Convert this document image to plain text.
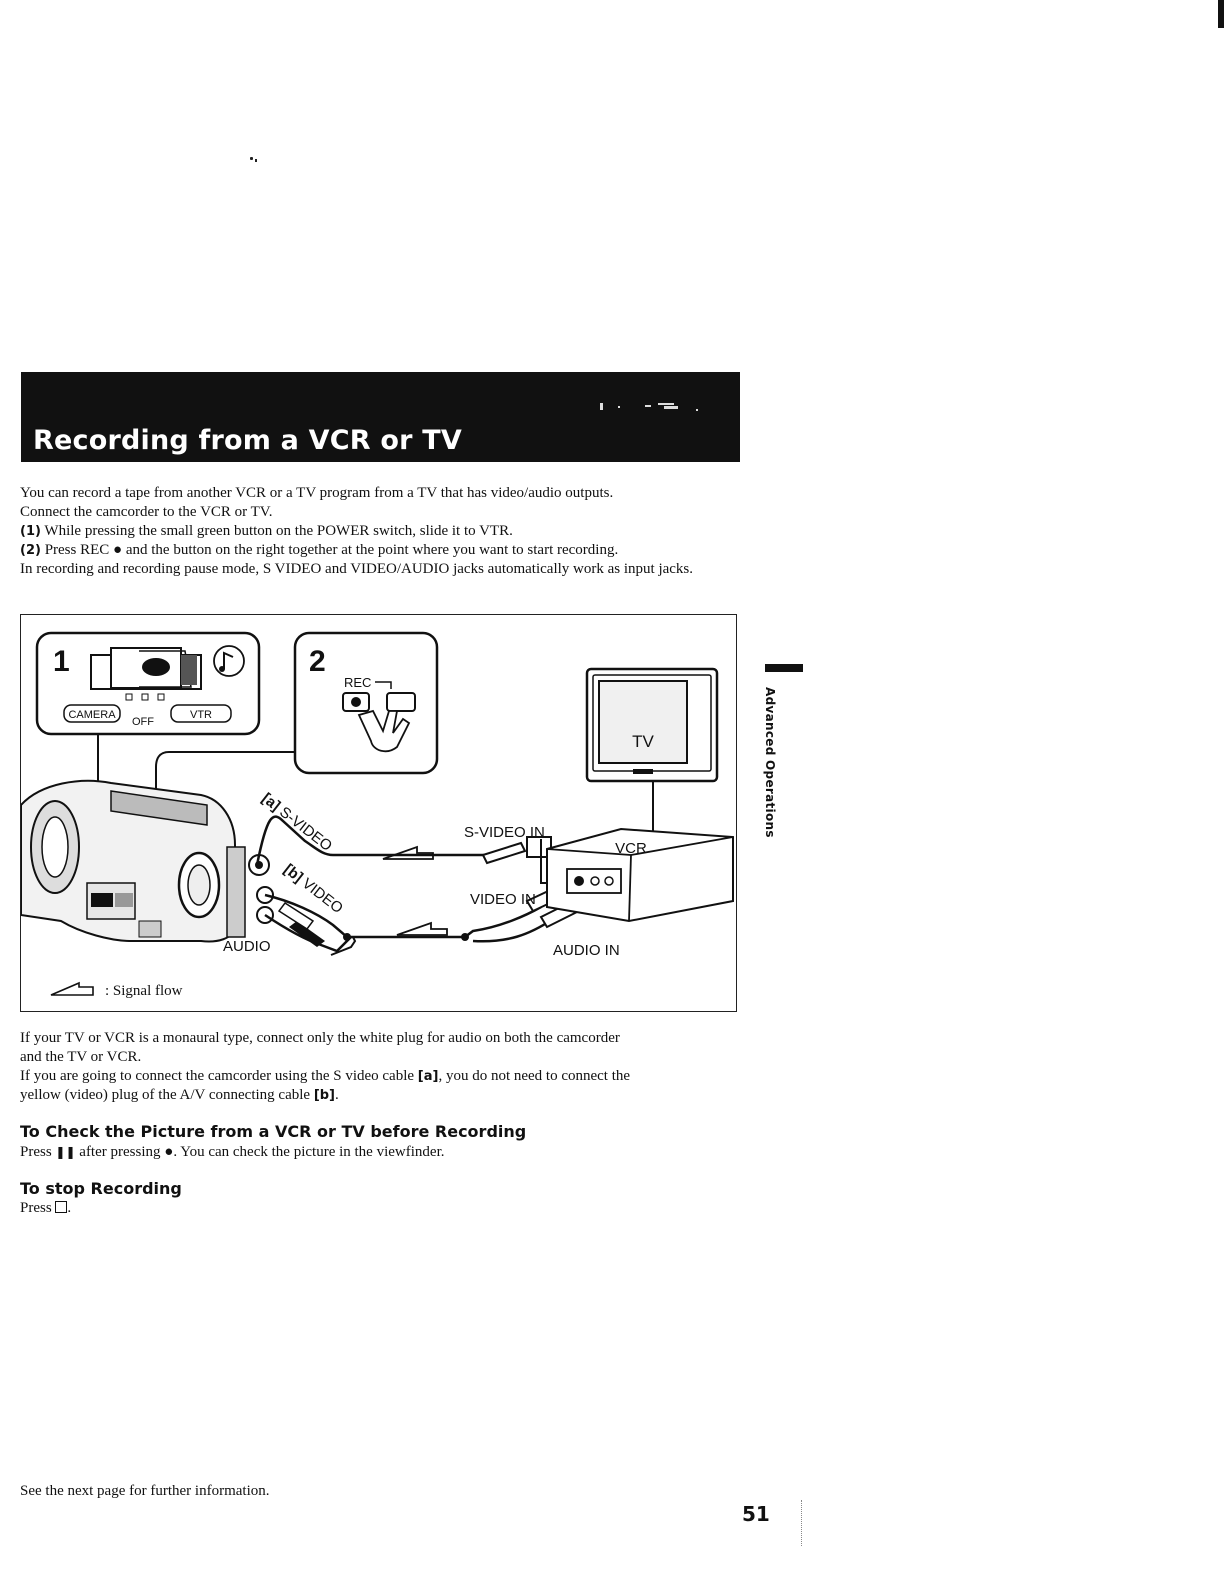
Recording from a VCR or TV

You can record a tape from another VCR or a TV program from a TV that has video/audio outputs.

Connect the camcorder to the VCR or TV.

(1) While pressing the small green button on the POWER switch, slide it to VTR.

(2) Press REC ● and the button on the right together at the point where you want to start recording.

In recording and recording pause mode, S VIDEO and VIDEO/AUDIO jacks automatically work as input jacks.

1
CAMERA
OFF
VTR
2
REC
[a]S-VIDEO
[b]VIDEO
S-VIDEO IN
VIDEO IN
AUDIO	AUDIO IN
TV
VCR
: Signal flow
Advanced Operations

If your TV or VCR is a monaural type, connect only the white plug for audio on both the camcorder

and the TV or VCR.

If you are going to connect the camcorder using the S video cable [a], you do not need to connect the

yellow (video) plug of the A/V connecting cable [b].

To Check the Picture from a VCR or TV before Recording
Press ❚❚ after pressing ●. You can check the picture in the viewfinder.
To stop Recording
Press .
See the next page for further information.
51
